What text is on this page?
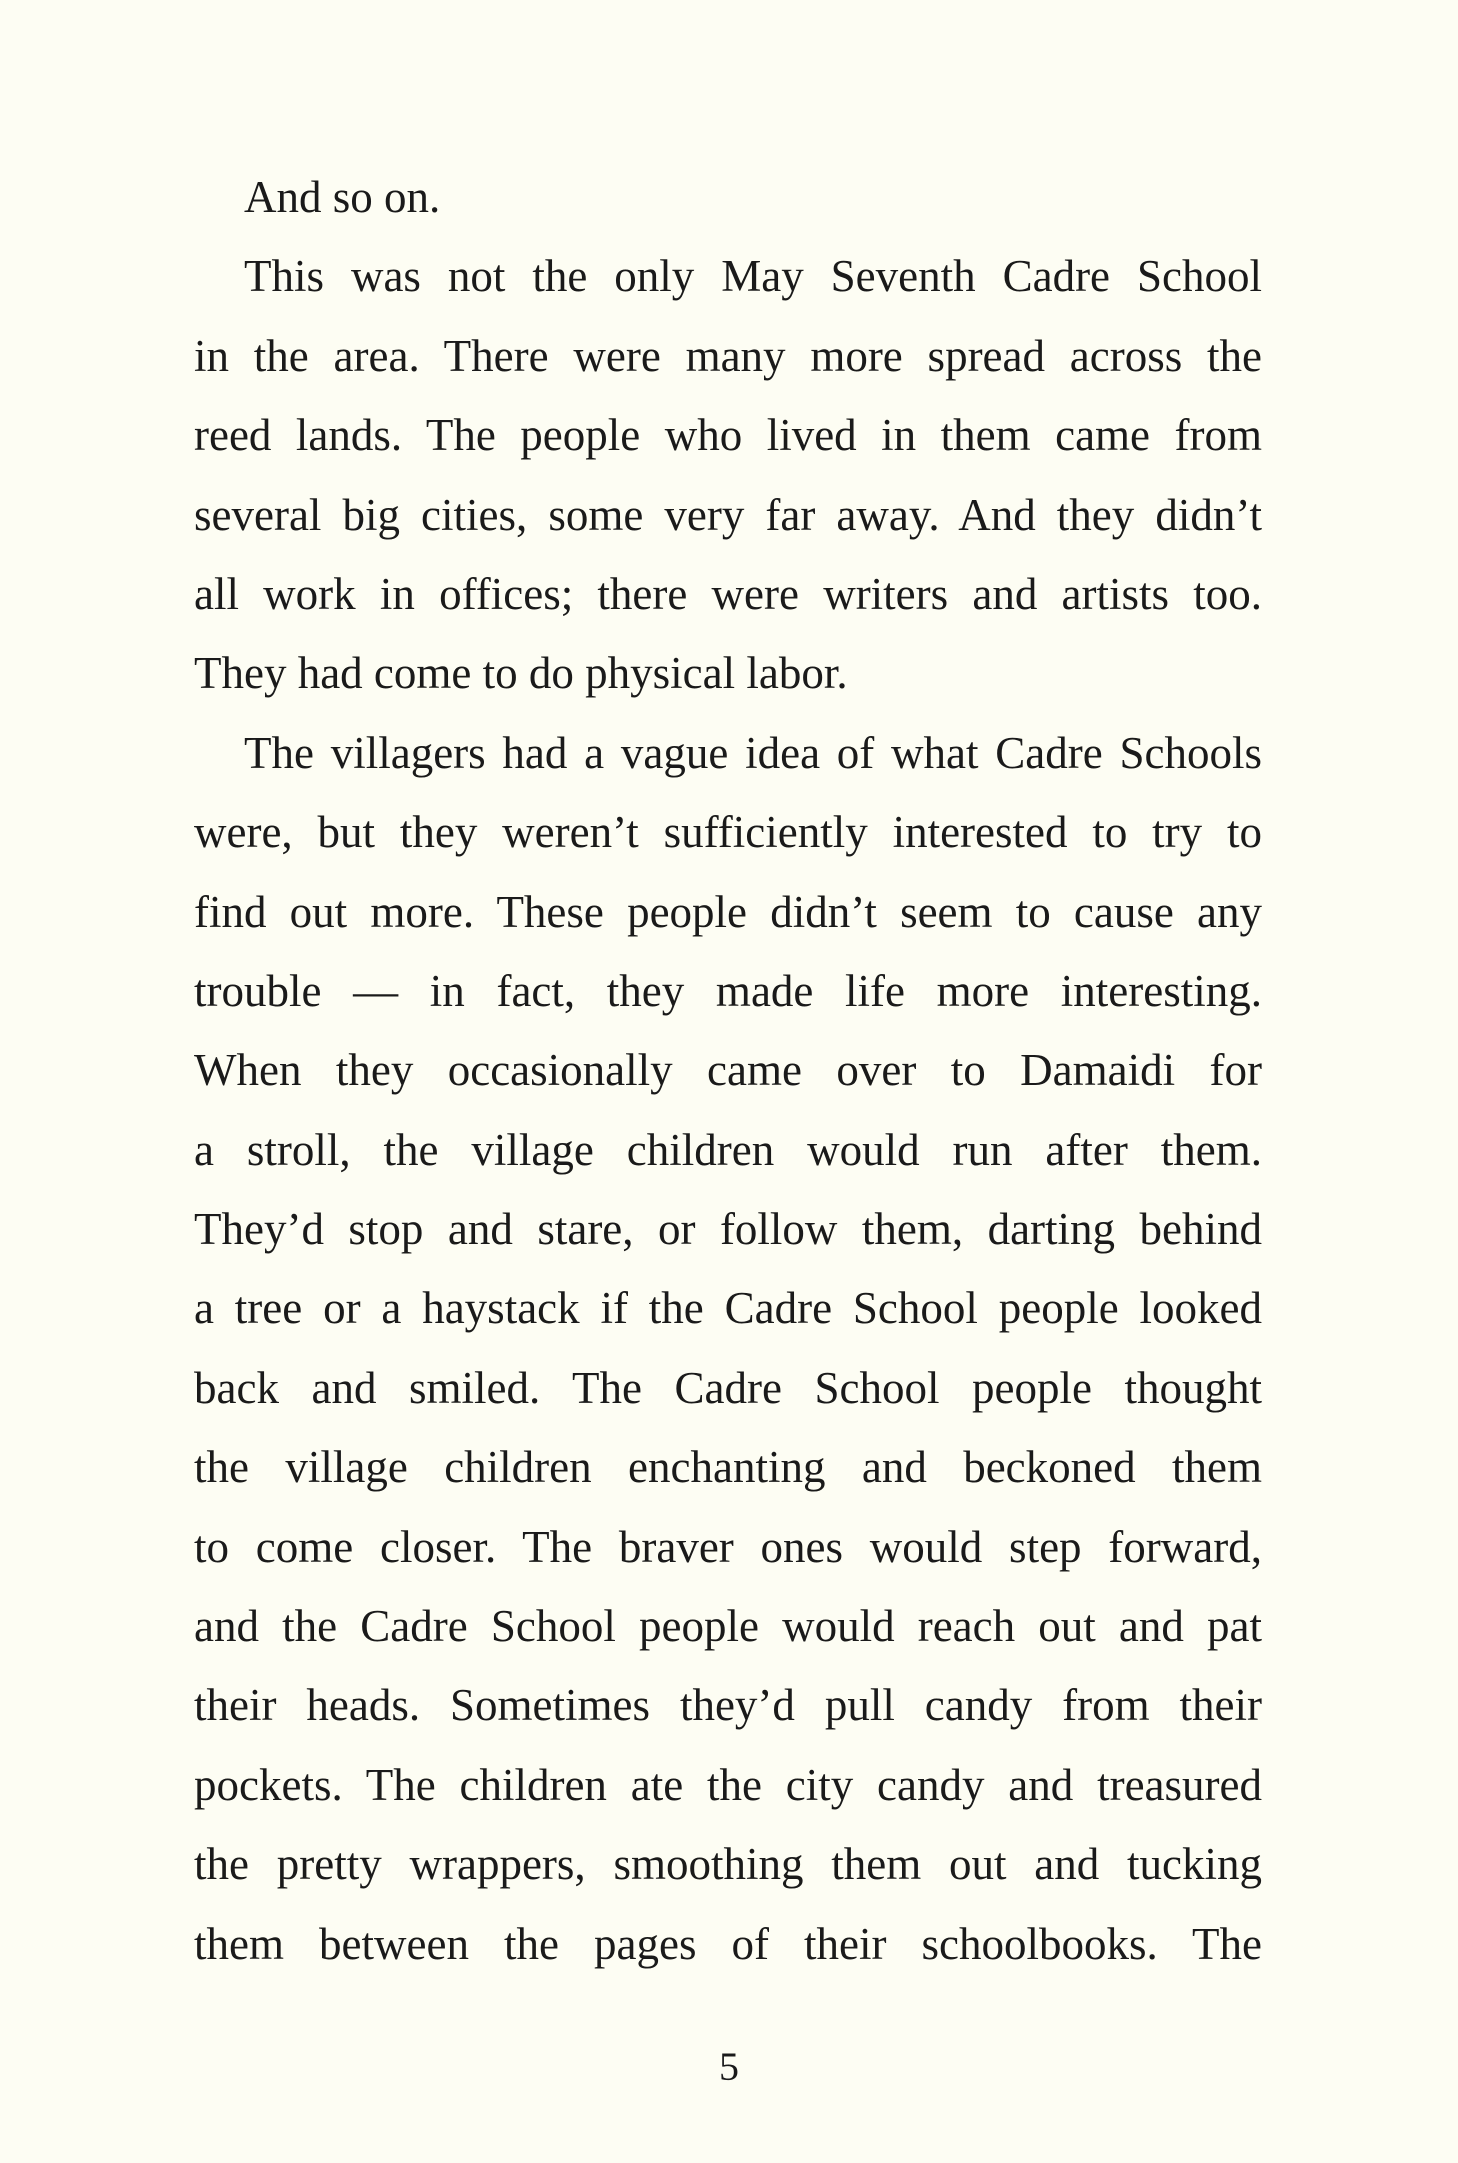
And so on.
This was not the only May Seventh Cadre School
in the area. There were many more spread across the
reed lands. The people who lived in them came from
several big cities, some very far away. And they didn’t
all work in offices; there were writers and artists too.
They had come to do physical labor.
The villagers had a vague idea of what Cadre Schools
were, but they weren’t sufficiently interested to try to
find out more. These people didn’t seem to cause any
trouble — in fact, they made life more interesting.
When they occasionally came over to Damaidi for
a stroll, the village children would run after them.
They’d stop and stare, or follow them, darting behind
a tree or a haystack if the Cadre School people looked
back and smiled. The Cadre School people thought
the village children enchanting and beckoned them
to come closer. The braver ones would step forward,
and the Cadre School people would reach out and pat
their heads. Sometimes they’d pull candy from their
pockets. The children ate the city candy and treasured
the pretty wrappers, smoothing them out and tucking
them between the pages of their schoolbooks. The
5
